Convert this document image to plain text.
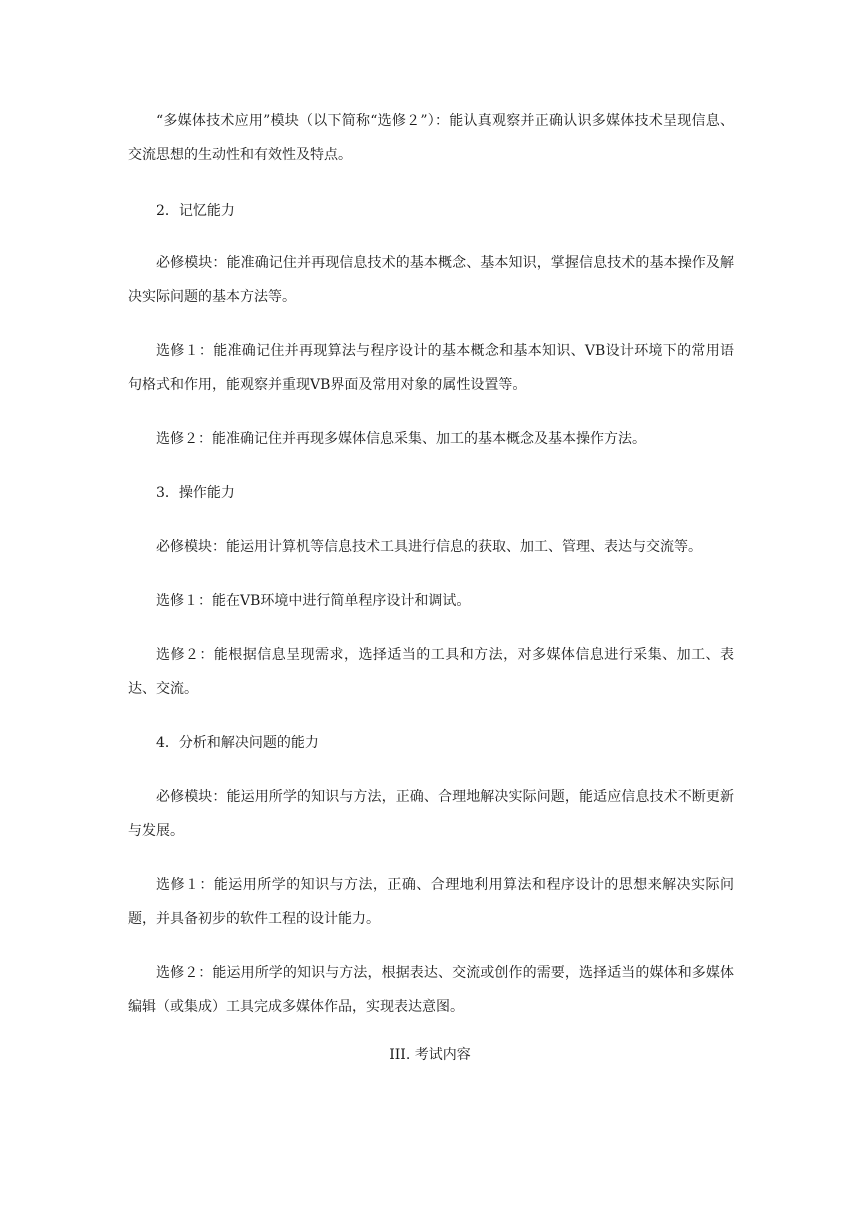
“多媒体技术应用”模块（以下简称“选修２”）：能认真观察并正确认识多媒体技术呈现信息、交流思想的生动性和有效性及特点。

2．记忆能力

必修模块：能准确记住并再现信息技术的基本概念、基本知识，掌握信息技术的基本操作及解决实际问题的基本方法等。

选修１：能准确记住并再现算法与程序设计的基本概念和基本知识、VB设计环境下的常用语句格式和作用，能观察并重现VB界面及常用对象的属性设置等。

选修２：能准确记住并再现多媒体信息采集、加工的基本概念及基本操作方法。

3．操作能力

必修模块：能运用计算机等信息技术工具进行信息的获取、加工、管理、表达与交流等。

选修１：能在VB环境中进行简单程序设计和调试。

选修２：能根据信息呈现需求，选择适当的工具和方法，对多媒体信息进行采集、加工、表达、交流。

4．分析和解决问题的能力

必修模块：能运用所学的知识与方法，正确、合理地解决实际问题，能适应信息技术不断更新与发展。

选修１：能运用所学的知识与方法，正确、合理地利用算法和程序设计的思想来解决实际问题，并具备初步的软件工程的设计能力。

选修２：能运用所学的知识与方法，根据表达、交流或创作的需要，选择适当的媒体和多媒体编辑（或集成）工具完成多媒体作品，实现表达意图。

III. 考试内容
